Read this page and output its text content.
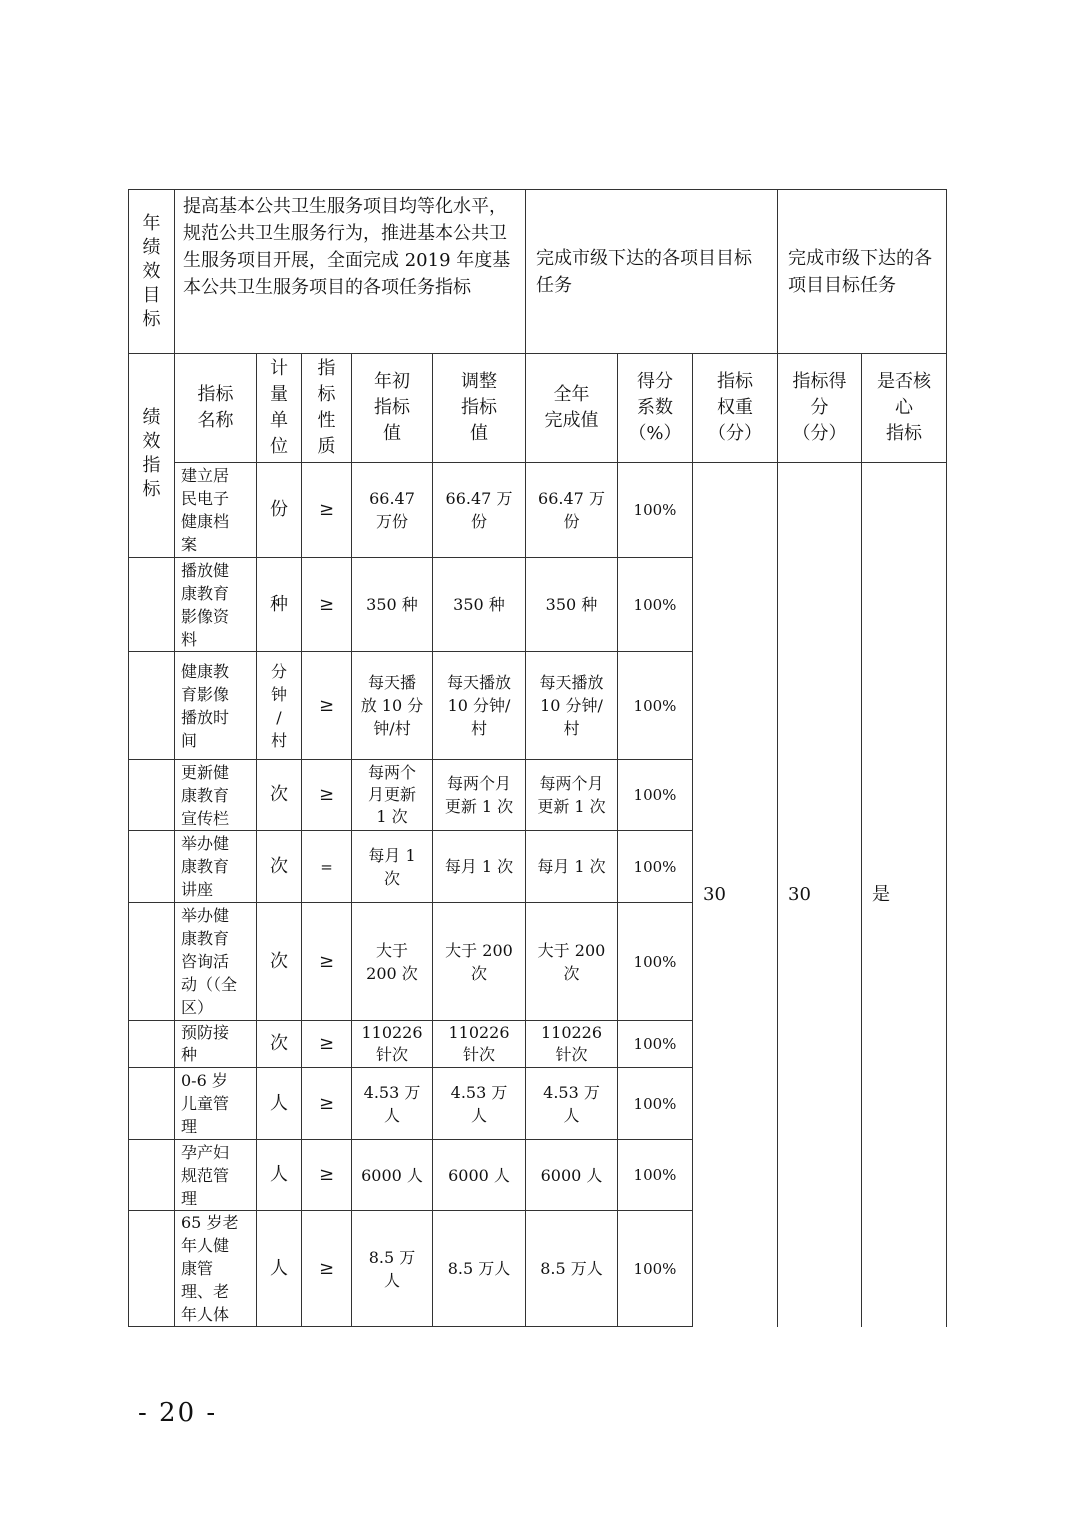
年
绩
效
目
标	提高基本公共卫生服务项目均等化水平，规范公共卫生服务行为，推进基本公共卫生服务项目开展，全面完成 2019 年度基本公共卫生服务项目的各项任务指标					完成市级下达的各项目目标任务			完成市级下达的各项目目标任务	

绩
效
指
标	指标
名称	计
量
单
位	指
标
性
质	年初
指标
值	调整
指标
值	全年
完成值	得分
系数
（%）	指标
权重
（分）	指标得
分
（分）	是否核
心
指标

	建立居
民电子
健康档
案	份	≥	66.47
万份	66.47 万
份	66.47 万
份	100%	30	30	是

	播放健
康教育
影像资
料	种	≥	350 种	350 种	350 种	100%			

	健康教
育影像
播放时
间	分
钟
/
村	≥	每天播
放 10 分
钟/村	每天播放
10 分钟/
村	每天播放
10 分钟/
村	100%			

	更新健
康教育
宣传栏	次	≥	每两个
月更新
1 次	每两个月
更新 1 次	每两个月
更新 1 次	100%			

	举办健
康教育
讲座	次	=	每月 1
次	每月 1 次	每月 1 次	100%			

	举办健
康教育
咨询活
动（（全
区）	次	≥	大于
200 次	大于 200
次	大于 200
次	100%			

	预防接
种	次	≥	110226
针次	110226
针次	110226
针次	100%			

	0-6 岁
儿童管
理	人	≥	4.53 万
人	4.53 万
人	4.53 万
人	100%			

	孕产妇
规范管
理	人	≥	6000 人	6000 人	6000 人	100%			

	65 岁老
年人健
康管
理、老
年人体	人	≥	8.5 万
人	8.5 万人	8.5 万人	100%			
- 20 -
